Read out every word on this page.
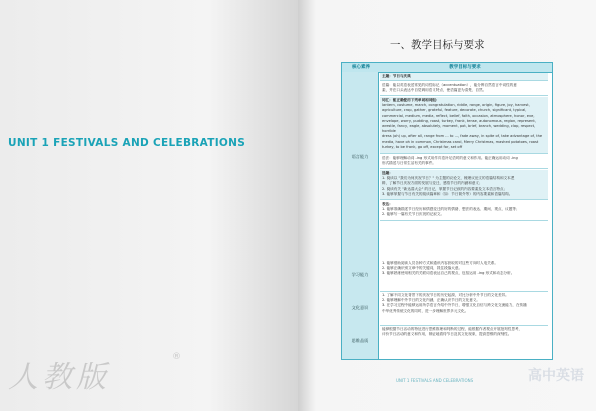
UNIT 1 FESTIVALS AND CELEBRATIONS
人教版
®
一、教学目标与要求
核心素养	教学目标与要求
语言能力
学习能力
文化意识
思维品质
主题：节日与庆典
语篇：能以英语表述常见的词性标记（accentuation），能分辨自然语言中词性的意
素，并在口头表达中自觉调用语义特点，使语篇更为清楚、自然。
词汇：能正确使用下列单词和词组：
lantern, costume, march, congratulation, riddle, range, origin, figure, joy, harvest,
agriculture, crop, gather, grateful, feature, decorate, church, significant, typical,
commercial, medium, media, reflect, belief, faith, occasion, atmosphere, honor, eve,
envelope, worry, pudding, roast, turkey, frank, tense, autonomous, region, represent,
wrestle, fancy, eagle, absolutely, moment, pot, brief, branch, wedding, clap, respect,
horrible
dress (oh) up, after all, range from ... to ..., fade away, in spite of, take advantage of, the
media, have oh in common, Christmas carol, Merry Christmas, mashed potatoes, roast
turkey, to be frank, go off, except for, set off
语法：能够理解动词 -ing 形式用作宾语补足语时的意义和作用。能正确运用动词 -ing
形式描述与日常生活有关的事件。
选题：
1. 阅读以 "我们为何庆祝节日？" 为主题的议论文，梳理议论文的语篇结构和文本逻
辑，了解节日庆祝方面的发展与变迁，感悟节日的内涵和意义；
2. 阅读有关 "新达慕大会" 的日记，掌握节日记叙的内容要素及文本语言特点；
3. 能够掌握与节日有关的阅读篇章和（如：节日简介等）的内容要素和语篇结构。
表达：
1. 能够准确描述节日经历和情感变迁的好的情绪、想法的表达、期间、观点、议题等；
2. 能够写一篇有关节日庆祝的记叙文。
1. 能够借助阅读人员各种方式和通讯内容获取的对这些方向时人电关系。
2. 能够正确识别文章中的关键词，抓住段落大意。
3. 能够熟练使用相关的关联词语表达自己的观点，包括运用 -ing 形式和动态分析。
1. 了解不同文化背景下的庆祝节日的历史起源，对比分析中外节日的文化差异。
2. 能够理解中外节日的文化内涵，正确认识节日的文化意义。
3. 在学习过程中能够运用所学语言介绍中外节日，增强文化自信与跨文化交流能力，在传播
中华优秀传统文化的同时，进一步理解世界多元文化。
能够根据节日活动的特征进行思维推理和判断的过程，能根据作者观点开展批判性思考，
评价节日活动的意义和作用，辩证地看待节日及其文化现象，提高思维的深刻性。
UNIT 1 FESTIVALS AND CELEBRATIONS	高中英语
